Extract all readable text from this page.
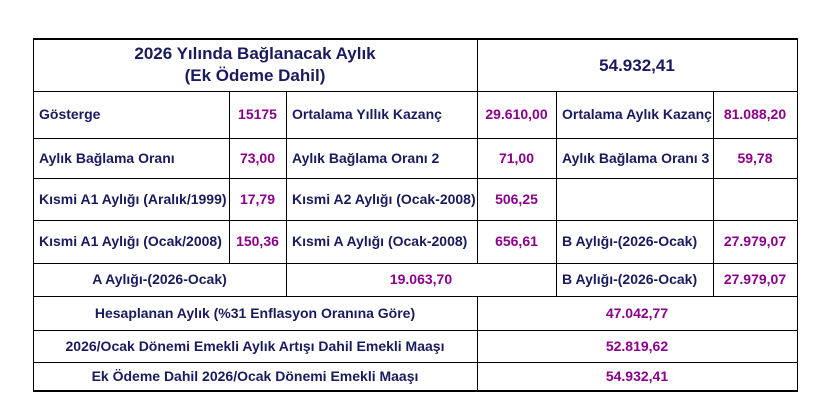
2026 Yılında Bağlanacak Aylık
(Ek Ödeme Dahil)
54.932,41
Gösterge	15175	Ortalama Yıllık Kazanç	29.610,00	Ortalama Aylık Kazanç 81.088,20
Aylık Bağlama Oranı	73,00	Aylık Bağlama Oranı 2	71,00	Aylık Bağlama Oranı 3	59,78
Kısmi A1 Aylığı (Aralık/1999) 17,79	Kısmi A2 Aylığı (Ocak-2008)	506,25
Kısmi A1 Aylığı (Ocak/2008)	150,36 Kısmi A Aylığı (Ocak-2008)	656,61	B Aylığı-(2026-Ocak)	27.979,07
A Aylığı-(2026-Ocak)	19.063,70	B Aylığı-(2026-Ocak)	27.979,07
Hesaplanan Aylık (%31 Enflasyon Oranına Göre)	47.042,77
2026/Ocak Dönemi Emekli Aylık Artışı Dahil Emekli Maaşı	52.819,62
Ek Ödeme Dahil 2026/Ocak Dönemi Emekli Maaşı	54.932,41
